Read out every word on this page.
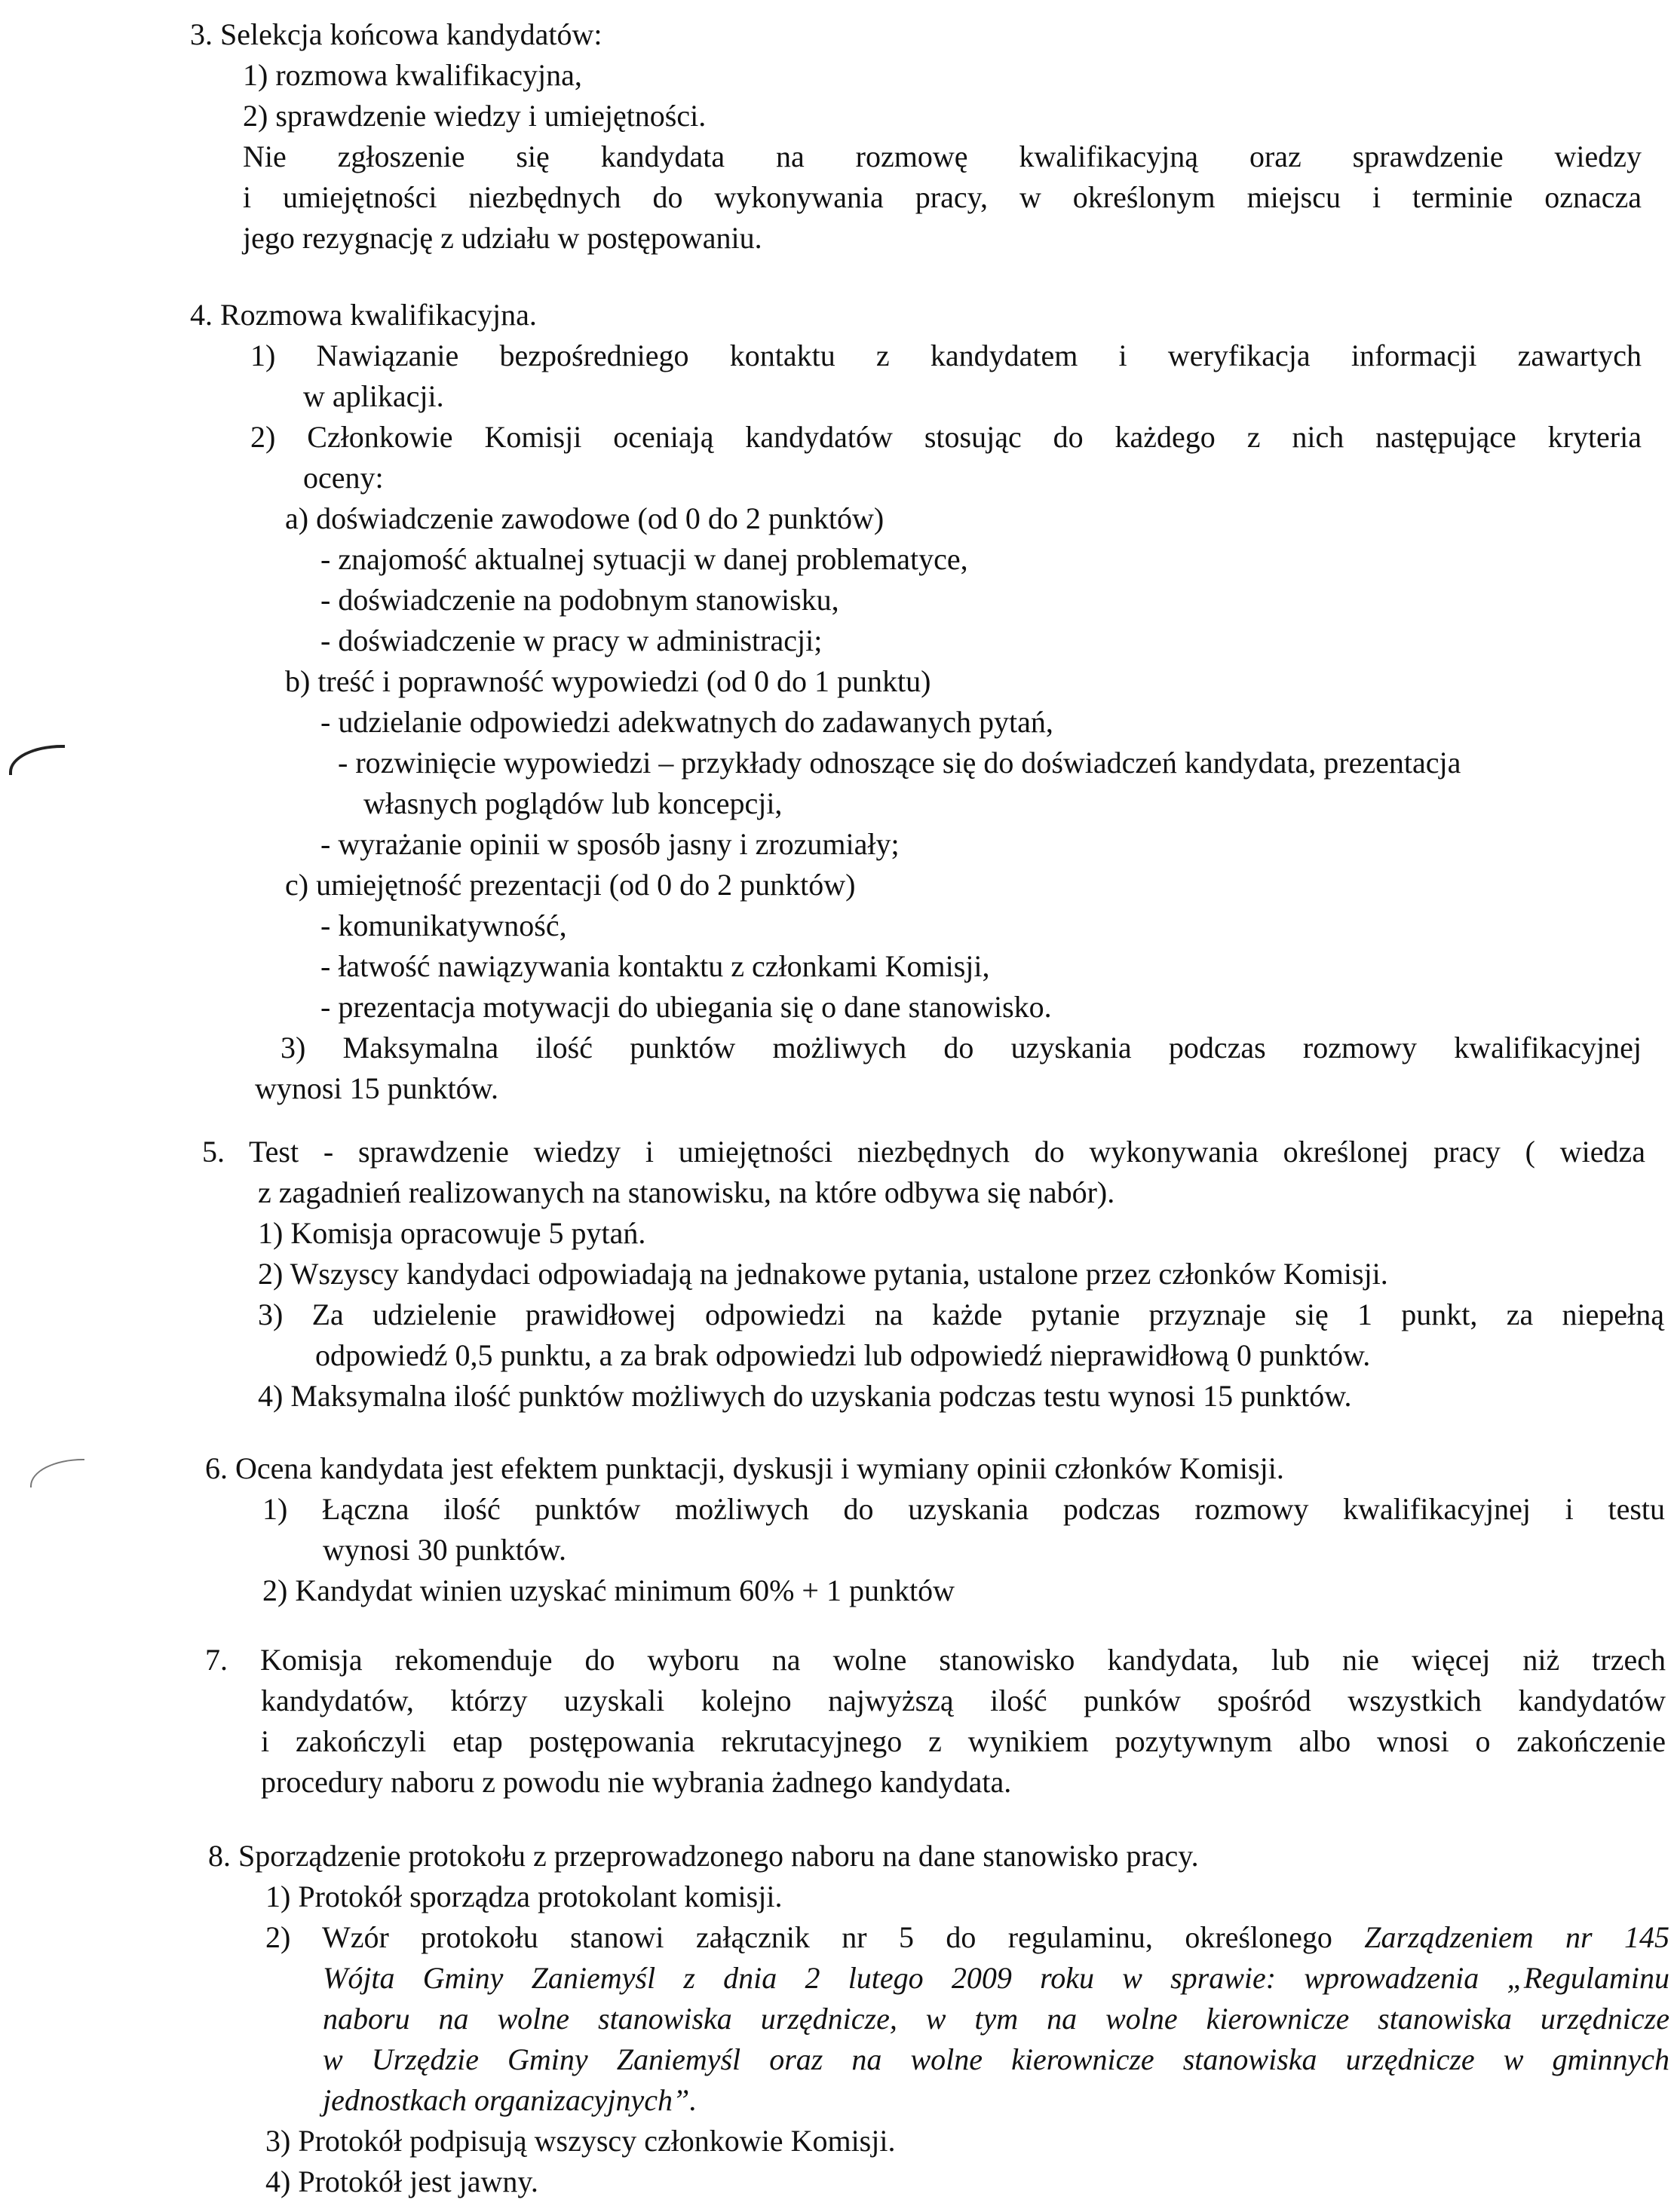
3. Selekcja końcowa kandydatów:

1) rozmowa kwalifikacyjna,

2) sprawdzenie wiedzy i umiejętności.

Nie zgłoszenie się kandydata na rozmowę kwalifikacyjną oraz sprawdzenie wiedzy

i umiejętności niezbędnych do wykonywania pracy, w określonym miejscu i terminie oznacza

jego rezygnację z udziału w postępowaniu.

4. Rozmowa kwalifikacyjna.

1) Nawiązanie bezpośredniego kontaktu z kandydatem i weryfikacja informacji zawartych

w aplikacji.

2) Członkowie Komisji oceniają kandydatów stosując do każdego z nich następujące kryteria

oceny:

a) doświadczenie zawodowe (od 0 do 2 punktów)

- znajomość aktualnej sytuacji w danej problematyce,

- doświadczenie na podobnym stanowisku,

- doświadczenie w pracy w administracji;

b) treść i poprawność wypowiedzi (od 0 do 1 punktu)

- udzielanie odpowiedzi adekwatnych do zadawanych pytań,

- rozwinięcie wypowiedzi – przykłady odnoszące się do doświadczeń kandydata, prezentacja

własnych poglądów lub koncepcji,

- wyrażanie opinii w sposób jasny i zrozumiały;

c) umiejętność prezentacji (od 0 do 2 punktów)

- komunikatywność,

- łatwość nawiązywania kontaktu z członkami Komisji,

- prezentacja motywacji do ubiegania się o dane stanowisko.

3) Maksymalna ilość punktów możliwych do uzyskania podczas rozmowy kwalifikacyjnej

wynosi 15 punktów.

5. Test - sprawdzenie wiedzy i umiejętności niezbędnych do wykonywania określonej pracy ( wiedza

z zagadnień realizowanych na stanowisku, na które odbywa się nabór).

1) Komisja opracowuje 5 pytań.

2) Wszyscy kandydaci odpowiadają na jednakowe pytania, ustalone przez członków Komisji.

3) Za udzielenie prawidłowej odpowiedzi na każde pytanie przyznaje się 1 punkt, za niepełną

odpowiedź 0,5 punktu, a za brak odpowiedzi lub odpowiedź nieprawidłową 0 punktów.

4) Maksymalna ilość punktów możliwych do uzyskania podczas testu wynosi 15 punktów.

6. Ocena kandydata jest efektem punktacji, dyskusji i wymiany opinii członków Komisji.

1) Łączna ilość punktów możliwych do uzyskania podczas rozmowy kwalifikacyjnej i testu

wynosi 30 punktów.

2) Kandydat winien uzyskać minimum 60% + 1 punktów

7. Komisja rekomenduje do wyboru na wolne stanowisko kandydata, lub nie więcej niż trzech

kandydatów, którzy uzyskali kolejno najwyższą ilość punków spośród wszystkich kandydatów

i zakończyli etap postępowania rekrutacyjnego z wynikiem pozytywnym albo wnosi o zakończenie

procedury naboru z powodu nie wybrania żadnego kandydata.

8. Sporządzenie protokołu z przeprowadzonego naboru na dane stanowisko pracy.

1) Protokół sporządza protokolant komisji.

2) Wzór protokołu stanowi załącznik nr 5 do regulaminu, określonego Zarządzeniem nr 145

Wójta Gminy Zaniemyśl z dnia 2 lutego 2009 roku w sprawie: wprowadzenia „Regulaminu

naboru na wolne stanowiska urzędnicze, w tym na wolne kierownicze stanowiska urzędnicze

w Urzędzie Gminy Zaniemyśl oraz na wolne kierownicze stanowiska urzędnicze w gminnych

jednostkach organizacyjnych”.

3) Protokół podpisują wszyscy członkowie Komisji.

4) Protokół jest jawny.
